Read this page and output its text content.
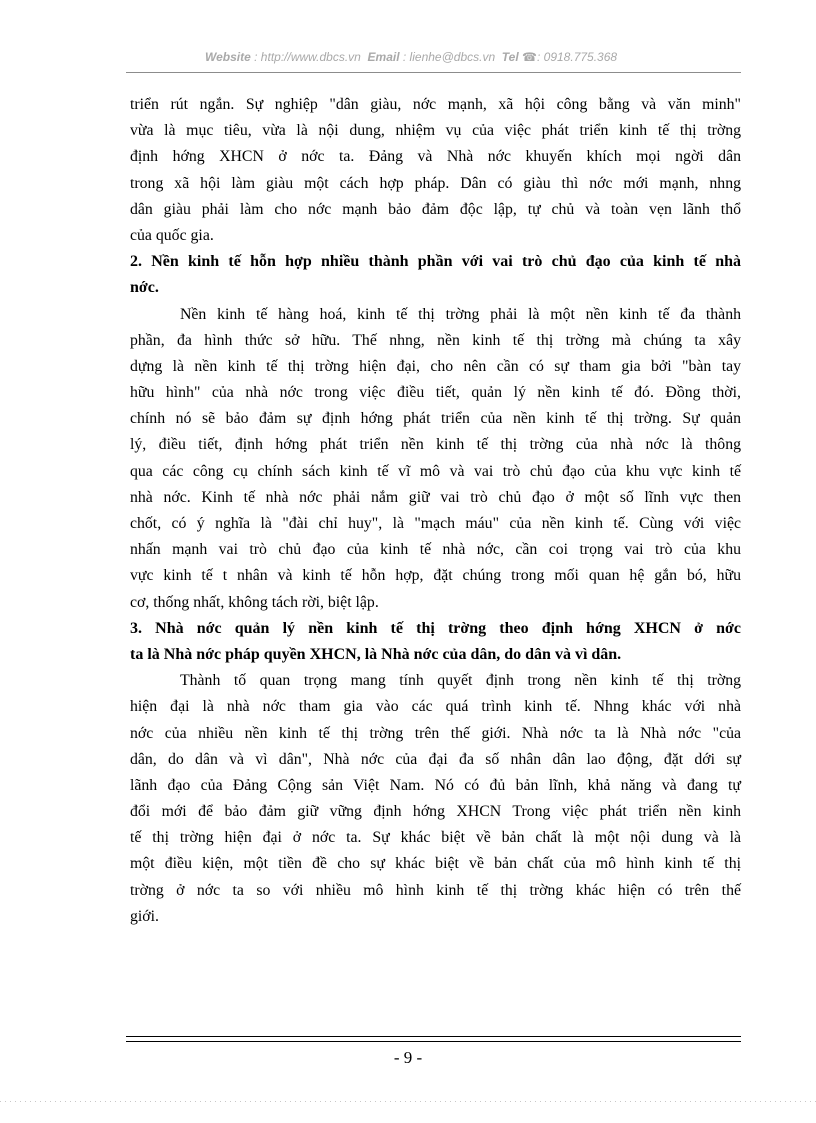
Website : http://www.dbcs.vn Email : lienhe@dbcs.vn Tel ☎: 0918.775.368
triển rút ngắn. Sự nghiệp "dân giàu, nớc mạnh, xã hội công bằng và văn minh"
vừa là mục tiêu, vừa là nội dung, nhiệm vụ của việc phát triển kinh tế thị trờng
định hớng XHCN ở nớc ta. Đảng và Nhà nớc khuyến khích mọi ngời dân
trong xã hội làm giàu một cách hợp pháp. Dân có giàu thì nớc mới mạnh, nhng
dân giàu phải làm cho nớc mạnh bảo đảm độc lập, tự chủ và toàn vẹn lãnh thổ
của quốc gia.
2. Nền kinh tế hỗn hợp nhiều thành phần với vai trò chủ đạo của kinh tế nhà
nớc.
Nền kinh tế hàng hoá, kinh tế thị trờng phải là một nền kinh tế đa thành
phần, đa hình thức sở hữu. Thế nhng, nền kinh tế thị trờng mà chúng ta xây
dựng là nền kinh tế thị trờng hiện đại, cho nên cần có sự tham gia bởi "bàn tay
hữu hình" của nhà nớc trong việc điều tiết, quản lý nền kinh tế đó. Đồng thời,
chính nó sẽ bảo đảm sự định hớng phát triển của nền kinh tế thị trờng. Sự quản
lý, điều tiết, định hớng phát triển nền kinh tế thị trờng của nhà nớc là thông
qua các công cụ chính sách kinh tế vĩ mô và vai trò chủ đạo của khu vực kinh tế
nhà nớc. Kinh tế nhà nớc phải nắm giữ vai trò chủ đạo ở một số lĩnh vực then
chốt, có ý nghĩa là "đài chỉ huy", là "mạch máu" của nền kinh tế. Cùng với việc
nhấn mạnh vai trò chủ đạo của kinh tế nhà nớc, cần coi trọng vai trò của khu
vực kinh tế t nhân và kinh tế hỗn hợp, đặt chúng trong mối quan hệ gắn bó, hữu
cơ, thống nhất, không tách rời, biệt lập.
3. Nhà nớc quản lý nền kinh tế thị trờng theo định hớng XHCN ở nớc
ta là Nhà nớc pháp quyền XHCN, là Nhà nớc của dân, do dân và vì dân.
Thành tố quan trọng mang tính quyết định trong nền kinh tế thị trờng
hiện đại là nhà nớc tham gia vào các quá trình kinh tế. Nhng khác với nhà
nớc của nhiều nền kinh tế thị trờng trên thế giới. Nhà nớc ta là Nhà nớc "của
dân, do dân và vì dân", Nhà nớc của đại đa số nhân dân lao động, đặt dới sự
lãnh đạo của Đảng Cộng sản Việt Nam. Nó có đủ bản lĩnh, khả năng và đang tự
đổi mới để bảo đảm giữ vững định hớng XHCN Trong việc phát triển nền kinh
tế thị trờng hiện đại ở nớc ta. Sự khác biệt về bản chất là một nội dung và là
một điều kiện, một tiền đề cho sự khác biệt về bản chất của mô hình kinh tế thị
trờng ở nớc ta so với nhiều mô hình kinh tế thị trờng khác hiện có trên thế
giới.
- 9 -
